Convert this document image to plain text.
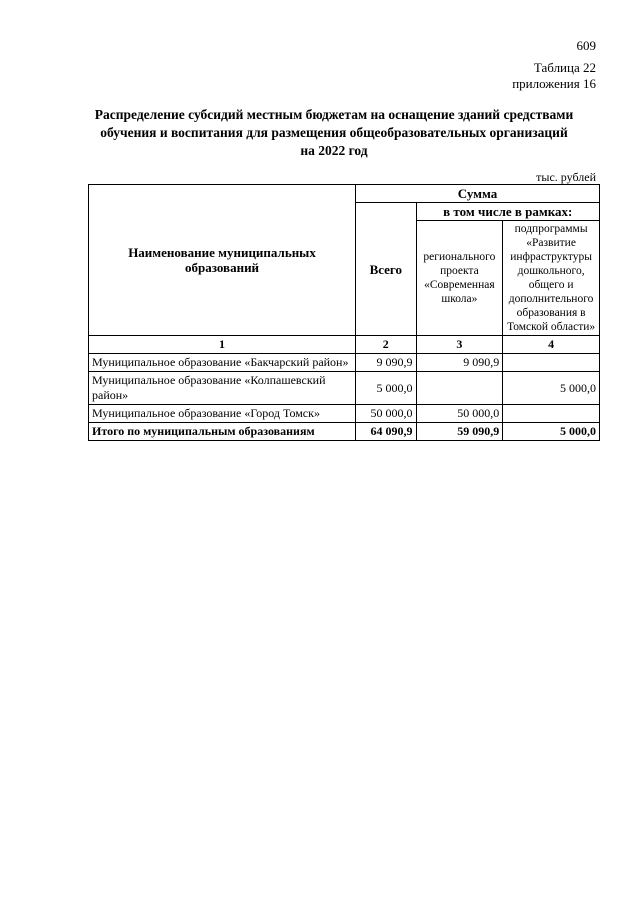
609
Таблица 22
приложения 16
Распределение субсидий местным бюджетам на оснащение зданий средствами
обучения и воспитания для размещения общеобразовательных организаций
на 2022 год
тыс. рублей
Наименование муниципальных образований	Сумма		
	Всего	в том числе в рамках:	
		регионального проекта «Современная школа»	подпрограммы «Развитие инфраструктуры дошкольного, общего и дополнительного образования в Томской области»
1	2	3	4
Муниципальное образование «Бакчарский район»	9 090,9	9 090,9	
Муниципальное образование «Колпашевский район»	5 000,0		5 000,0
Муниципальное образование «Город Томск»	50 000,0	50 000,0	
Итого по муниципальным образованиям	64 090,9	59 090,9	5 000,0
